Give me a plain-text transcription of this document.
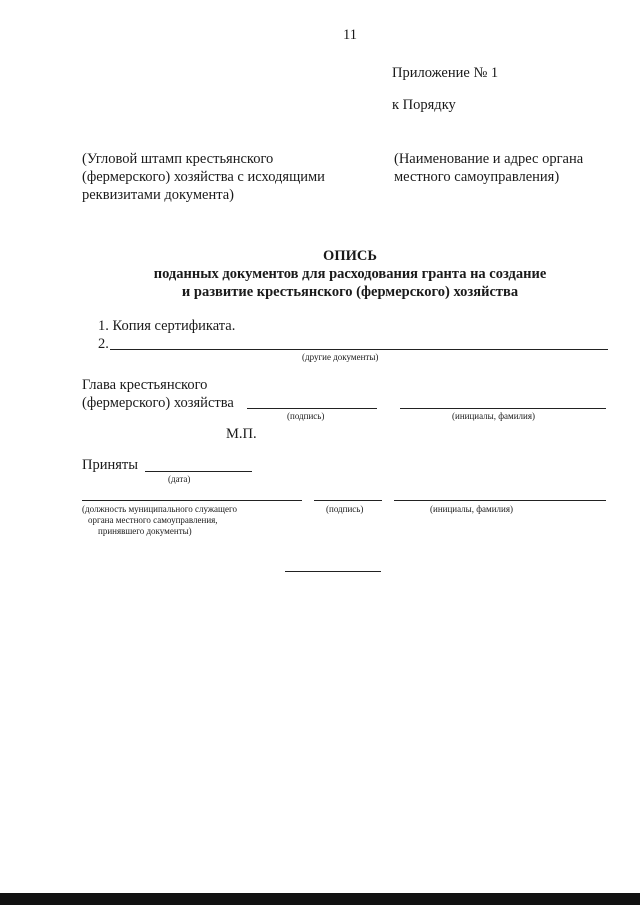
11
Приложение № 1
к Порядку
(Угловой штамп крестьянского
(фермерского) хозяйства с исходящими
реквизитами документа)
(Наименование и адрес органа
местного самоуправления)
ОПИСЬ
поданных документов для расходования гранта на создание
и развитие крестьянского (фермерского) хозяйства
1. Копия сертификата.
2.
(другие документы)
Глава крестьянского
(фермерского) хозяйства
(подпись)	(инициалы, фамилия)
М.П.
Приняты
(дата)
(должность муниципального служащего
органа местного самоуправления,
принявшего документы)
(подпись)	(инициалы, фамилия)
